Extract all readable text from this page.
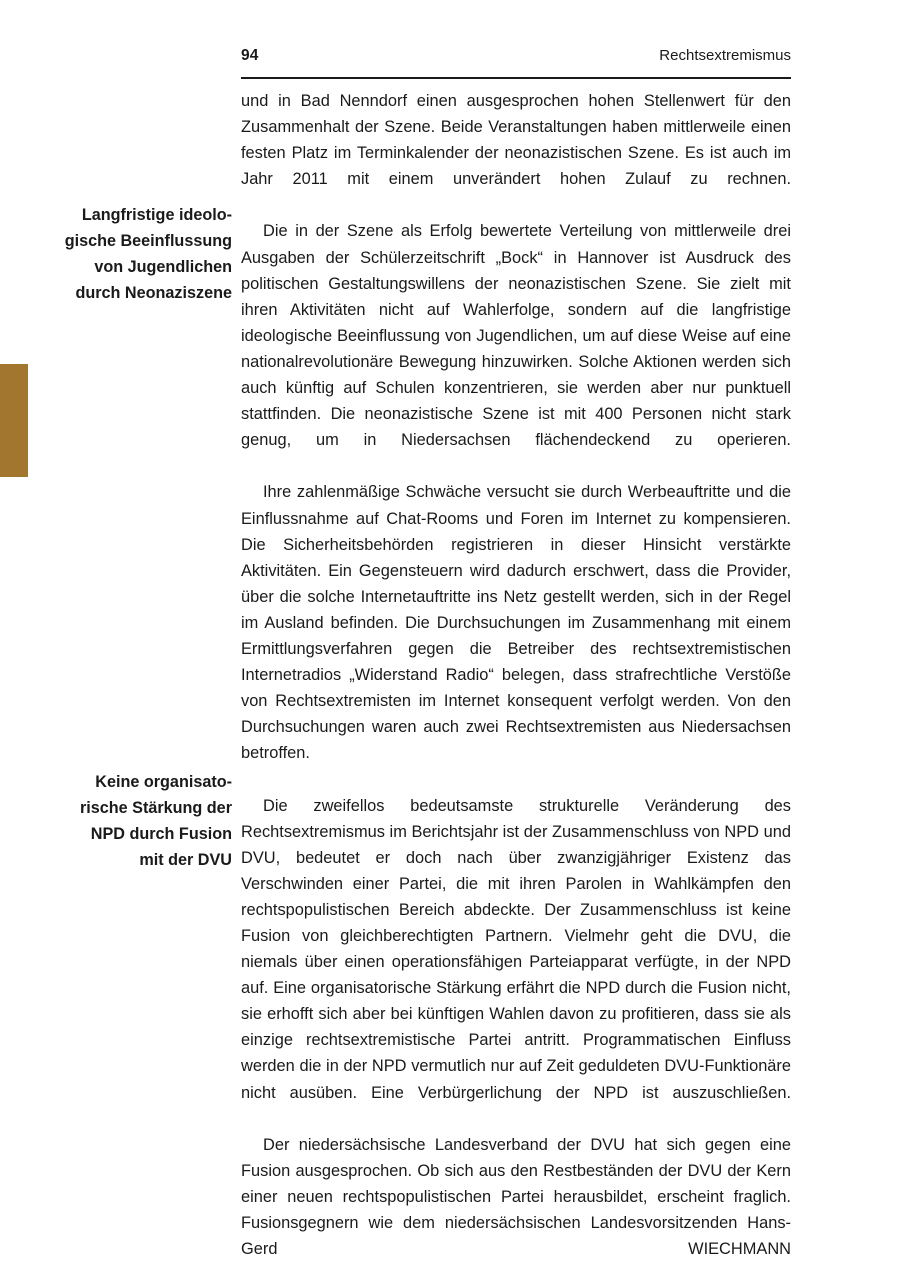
94	Rechtsextremismus
Langfristige ideolo-
gische Beeinflussung
von Jugendlichen
durch Neonaziszene
Keine organisato-
rische Stärkung der
NPD durch Fusion
mit der DVU

und in Bad Nenndorf einen ausgesprochen hohen Stellenwert für den Zusammenhalt der Szene. Beide Veranstaltungen haben mittlerweile einen festen Platz im Terminkalender der neonazistischen Szene. Es ist auch im Jahr 2011 mit einem unverändert hohen Zulauf zu rechnen.

Die in der Szene als Erfolg bewertete Verteilung von mittlerweile drei Ausgaben der Schülerzeitschrift „Bock“ in Hannover ist Ausdruck des politischen Gestaltungswillens der neonazistischen Szene. Sie zielt mit ihren Aktivitäten nicht auf Wahlerfolge, sondern auf die langfristige ideologische Beeinflussung von Jugendlichen, um auf diese Weise auf eine nationalrevolutionäre Bewegung hinzuwirken. Solche Aktionen werden sich auch künftig auf Schulen konzentrieren, sie werden aber nur punktuell stattfinden. Die neonazistische Szene ist mit 400 Personen nicht stark genug, um in Niedersachsen flächendeckend zu operieren.

Ihre zahlenmäßige Schwäche versucht sie durch Werbeauftritte und die Einflussnahme auf Chat-Rooms und Foren im Internet zu kompensieren. Die Sicherheitsbehörden registrieren in dieser Hinsicht verstärkte Aktivitäten. Ein Gegensteuern wird dadurch erschwert, dass die Provider, über die solche Internetauftritte ins Netz gestellt werden, sich in der Regel im Ausland befinden. Die Durchsuchungen im Zusammenhang mit einem Ermittlungsverfahren gegen die Betreiber des rechtsextremistischen Internetradios „Widerstand Radio“ belegen, dass strafrechtliche Verstöße von Rechtsextremisten im Internet konsequent verfolgt werden. Von den Durchsuchungen waren auch zwei Rechtsextremisten aus Niedersachsen betroffen.

Die zweifellos bedeutsamste strukturelle Veränderung des Rechtsextremismus im Berichtsjahr ist der Zusammenschluss von NPD und DVU, bedeutet er doch nach über zwanzigjähriger Existenz das Verschwinden einer Partei, die mit ihren Parolen in Wahlkämpfen den rechtspopulistischen Bereich abdeckte. Der Zusammenschluss ist keine Fusion von gleichberechtigten Partnern. Vielmehr geht die DVU, die niemals über einen operationsfähigen Parteiapparat verfügte, in der NPD auf. Eine organisatorische Stärkung erfährt die NPD durch die Fusion nicht, sie erhofft sich aber bei künftigen Wahlen davon zu profitieren, dass sie als einzige rechtsextremistische Partei antritt. Programmatischen Einfluss werden die in der NPD vermutlich nur auf Zeit geduldeten DVU-Funktionäre nicht ausüben. Eine Verbürgerlichung der NPD ist auszuschließen.

Der niedersächsische Landesverband der DVU hat sich gegen eine Fusion ausgesprochen. Ob sich aus den Restbeständen der DVU der Kern einer neuen rechtspopulistischen Partei herausbildet, erscheint fraglich. Fusionsgegnern wie dem niedersächsischen Landesvorsitzenden Hans-Gerd WIECHMANN
